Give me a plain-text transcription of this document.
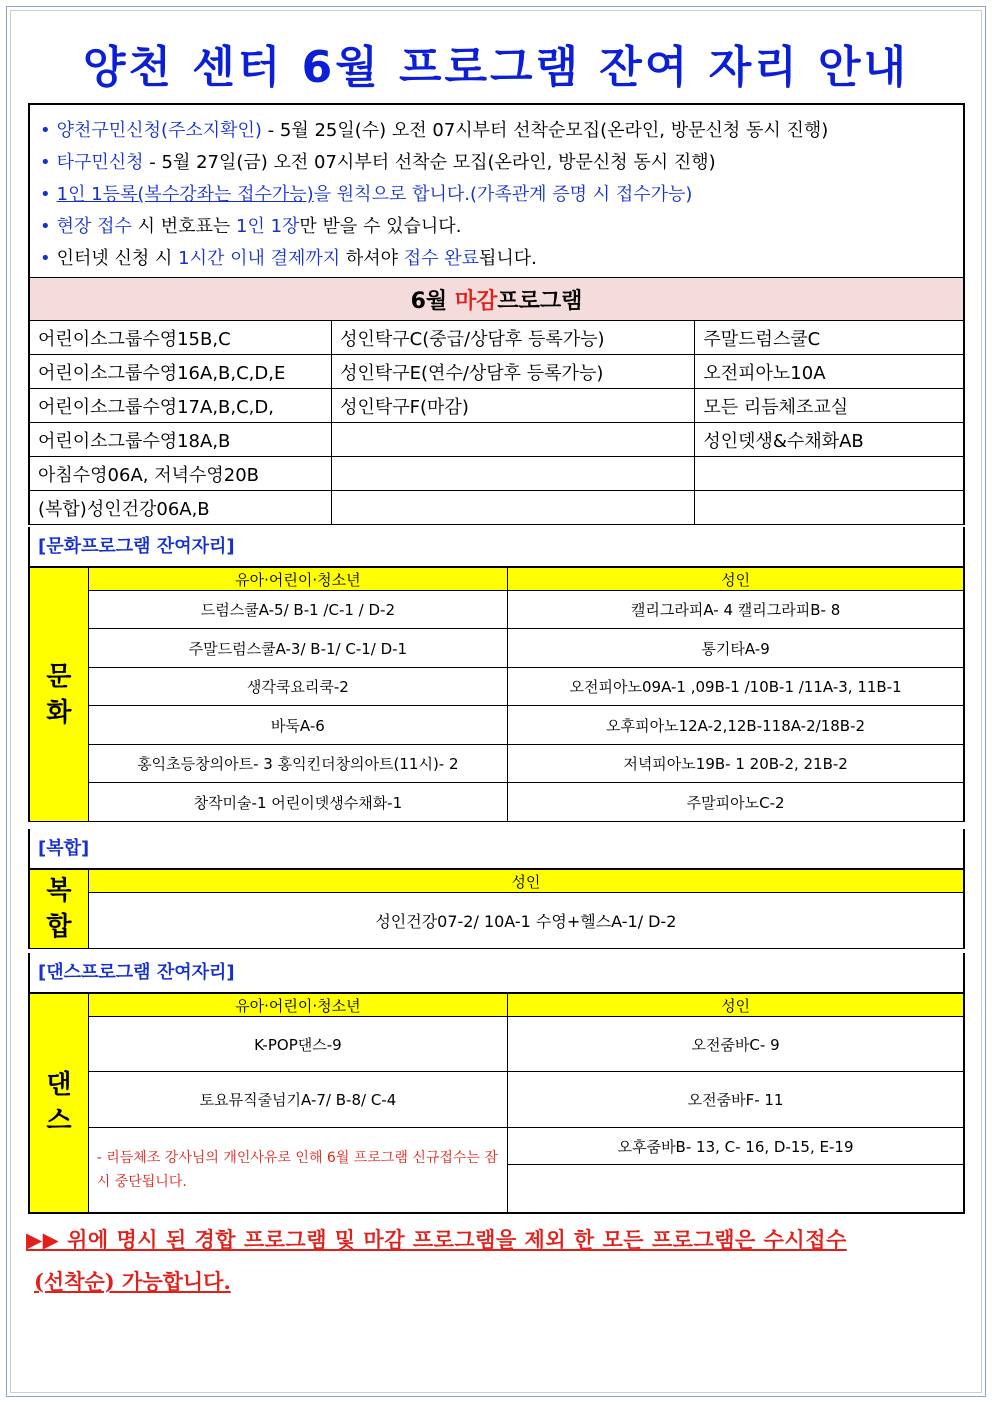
양천 센터 6월 프로그램 잔여 자리 안내
• 양천구민신청(주소지확인) - 5월 25일(수) 오전 07시부터 선착순모집(온라인, 방문신청 동시 진행)
• 타구민신청 - 5월 27일(금) 오전 07시부터 선착순 모집(온라인, 방문신청 동시 진행)
• 1인 1등록(복수강좌는 접수가능)을 원칙으로 합니다.(가족관계 증명 시 접수가능)
• 현장 접수 시 번호표는 1인 1장만 받을 수 있습니다.
• 인터넷 신청 시 1시간 이내 결제까지 하셔야 접수 완료됩니다.
6월 마감프로그램		
어린이소그룹수영15B,C	성인탁구C(중급/상담후 등록가능)	주말드럼스쿨C
어린이소그룹수영16A,B,C,D,E	성인탁구E(연수/상담후 등록가능)	오전피아노10A
어린이소그룹수영17A,B,C,D,	성인탁구F(마감)	모든 리듬체조교실
어린이소그룹수영18A,B		성인뎃생&수채화AB
아침수영06A, 저녁수영20B		
(복합)성인건강06A,B		
[문화프로그램 잔여자리]
문
화	유아·어린이·청소년	성인
	드럼스쿨A-5/ B-1 /C-1 / D-2	캘리그라피A- 4 캘리그라피B- 8
	주말드럼스쿨A-3/ B-1/ C-1/ D-1	통기타A-9
	생각쿡요리쿡-2	오전피아노09A-1 ,09B-1 /10B-1 /11A-3, 11B-1
	바둑A-6	오후피아노12A-2,12B-118A-2/18B-2
	홍익초등창의아트- 3 홍익킨더창의아트(11시)- 2	저녁피아노19B- 1 20B-2, 21B-2
	창작미술-1 어린이뎃생수채화-1	주말피아노C-2
[복합]
복
합	성인
성인건강07-2/ 10A-1 수영+헬스A-1/ D-2
[댄스프로그램 잔여자리]
댄
스	유아·어린이·청소년	성인
	K-POP댄스-9	오전줌바C- 9
	토요뮤직줄넘기A-7/ B-8/ C-4	오전줌바F- 11
	- 리듬체조 강사님의 개인사유로 인해 6월 프로그램 신규접수는 잠시 중단됩니다.	오후줌바B- 13, C- 16, D-15, E-19

▶▶ 위에 명시 된 경합 프로그램 및 마감 프로그램을 제외 한 모든 프로그램은 수시접수
(선착순) 가능합니다.
